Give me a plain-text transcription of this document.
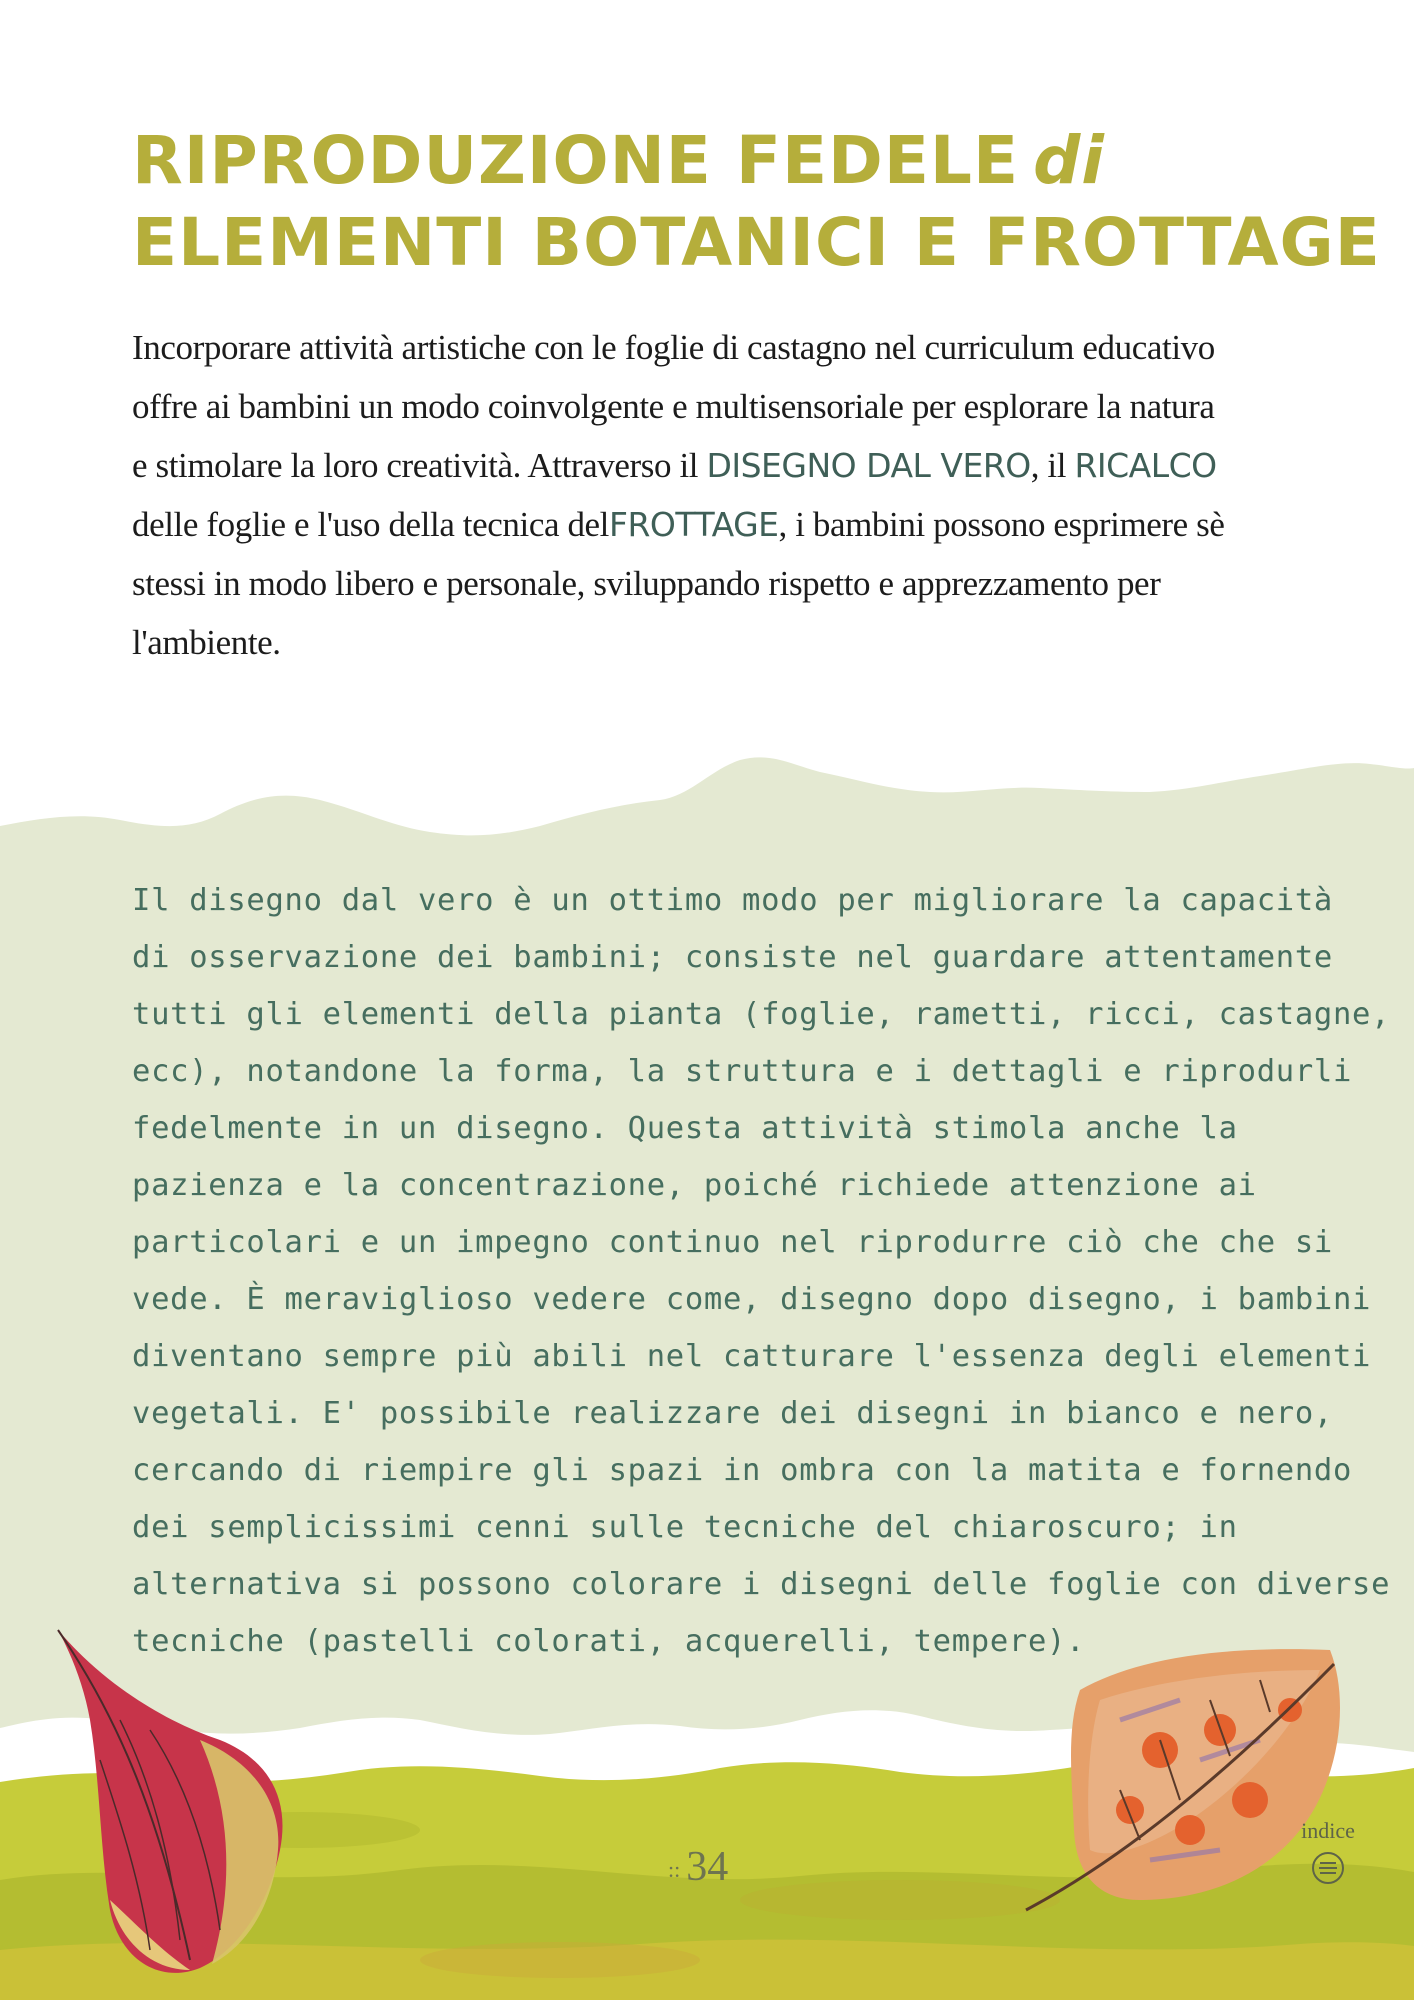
RIPRODUZIONE FEDELE di
ELEMENTI BOTANICI E FROTTAGE
Incorporare attività artistiche con le foglie di castagno nel curriculum educativo
offre ai bambini un modo coinvolgente e multisensoriale per esplorare la natura
e stimolare la loro creatività. Attraverso il DISEGNO DAL VERO, il RICALCO
delle foglie e l'uso della tecnica delFROTTAGE, i bambini possono esprimere sè
stessi in modo libero e personale, sviluppando rispetto e apprezzamento per
l'ambiente.
Il disegno dal vero è un ottimo modo per migliorare la capacità
di osservazione dei bambini; consiste nel guardare attentamente
tutti gli elementi della pianta (foglie, rametti, ricci, castagne,
ecc), notandone la forma, la struttura e i dettagli e riprodurli
fedelmente in un disegno. Questa attività stimola anche la
pazienza e la concentrazione, poiché richiede attenzione ai
particolari e un impegno continuo nel riprodurre ciò che che si
vede. È meraviglioso vedere come, disegno dopo disegno, i bambini
diventano sempre più abili nel catturare l'essenza degli elementi
vegetali. E' possibile realizzare dei disegni in bianco e nero,
cercando di riempire gli spazi in ombra con la matita e fornendo
dei semplicissimi cenni sulle tecniche del chiaroscuro; in
alternativa si possono colorare i disegni delle foglie con diverse
tecniche (pastelli colorati, acquerelli, tempere).
:: 34
indice
